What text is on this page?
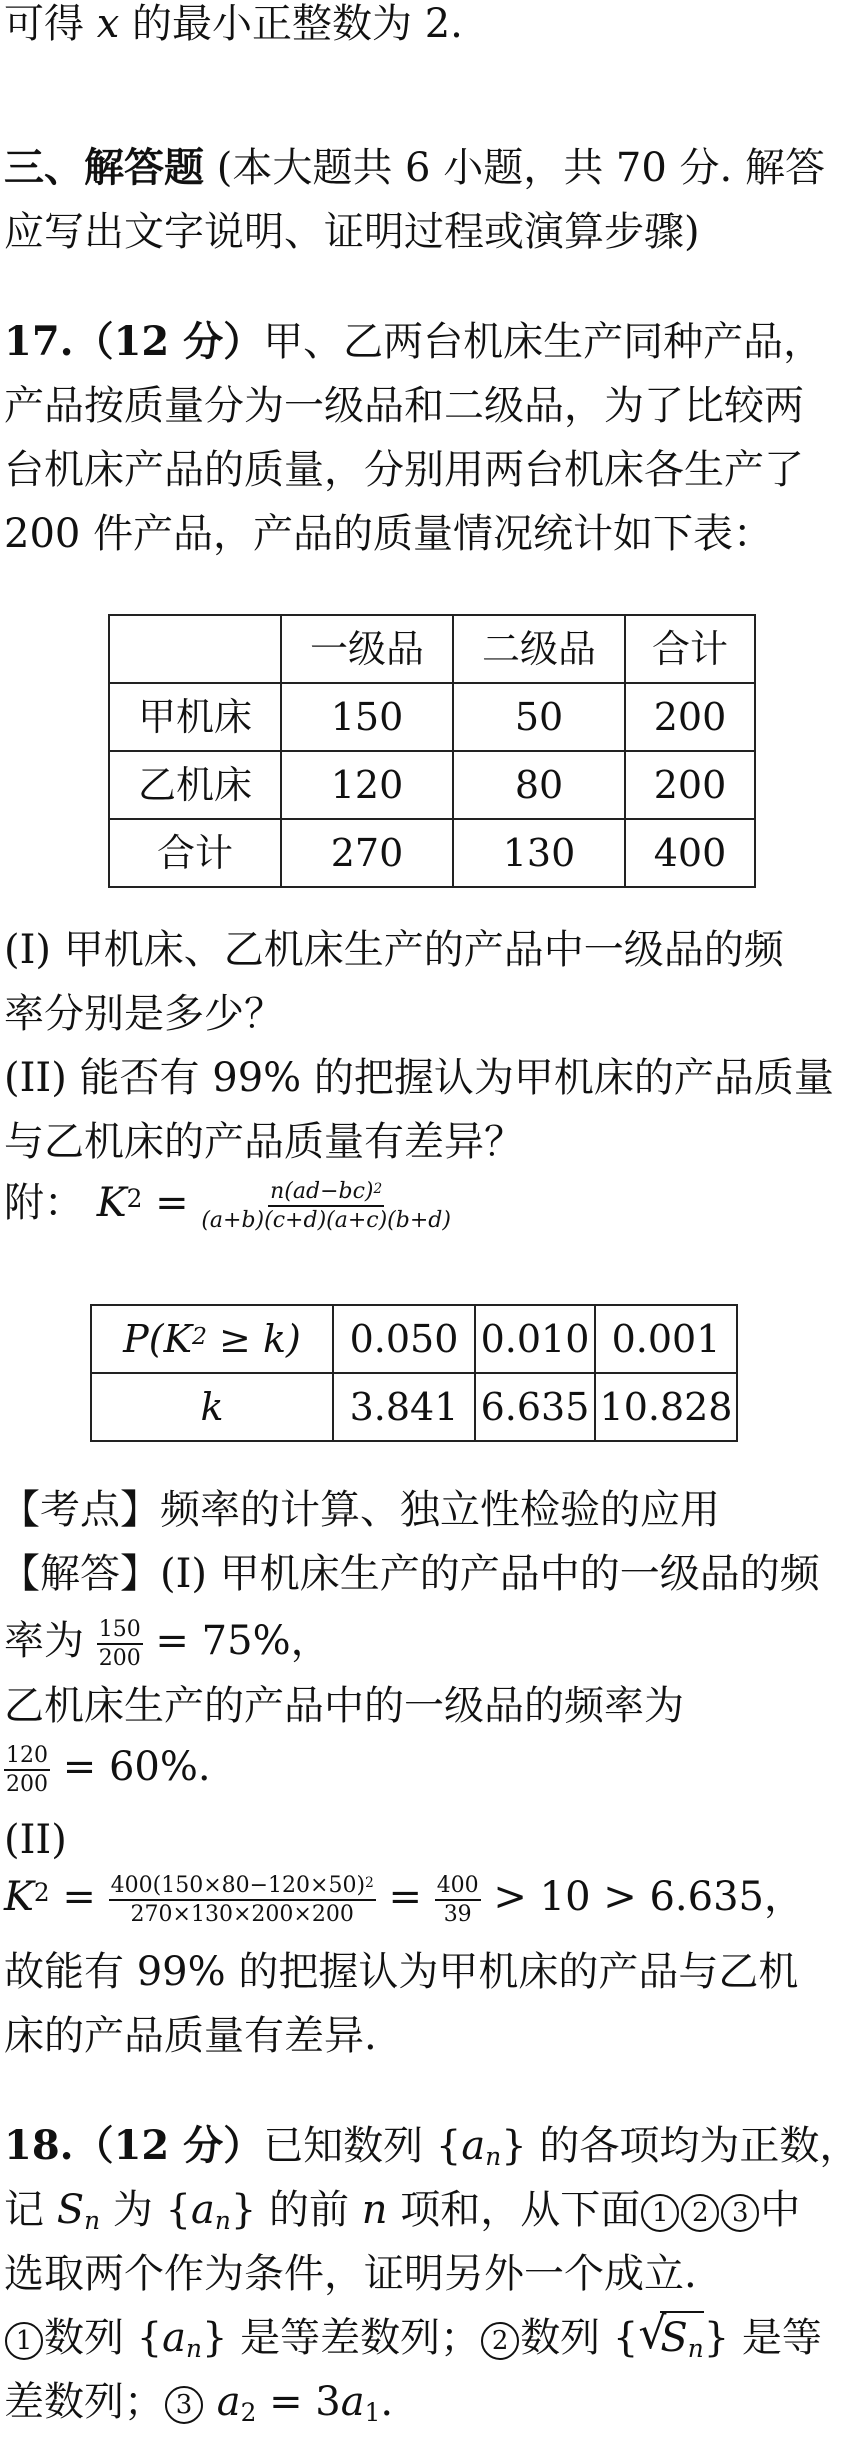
可得 x 的最小正整数为 2.
三、解答题 (本大题共 6 小题，共 70 分. 解答
应写出文字说明、证明过程或演算步骤)
17.（12 分）甲、乙两台机床生产同种产品，
产品按质量分为一级品和二级品，为了比较两
台机床产品的质量，分别用两台机床各生产了
200 件产品，产品的质量情况统计如下表：
	一级品	二级品	合计
甲机床	150	50	200
乙机床	120	80	200
合计	270	130	400
(I) 甲机床、乙机床生产的产品中一级品的频
率分别是多少？
(II) 能否有 99% 的把握认为甲机床的产品质量
与乙机床的产品质量有差异？
附： $K^2 = \frac{n(ad-bc)^2}{(a+b)(c+d)(a+c)(b+d)}$
$P(K^2 \ge k)$	0.050	0.010	0.001
k	3.841	6.635	10.828
【考点】频率的计算、独立性检验的应用
【解答】(I) 甲机床生产的产品中的一级品的频
率为 $\frac{150}{200} = 75\%$，
乙机床生产的产品中的一级品的频率为
$\frac{120}{200} = 60\%$.
(II)
$K^2 = \frac{400(150\times 80-120\times 50)^2}{270\times 130\times 200\times 200} = \frac{400}{39} > 10 > 6.635$，
故能有 99% 的把握认为甲机床的产品与乙机
床的产品质量有差异.
18.（12 分）已知数列 $\{a_n\}$ 的各项均为正数，
记 $S_n$ 为 $\{a_n\}$ 的前 n 项和，从下面 1 2 3 中
选取两个作为条件，证明另外一个成立.
1 数列 $\{a_n\}$ 是等差数列； 2 数列 { √
$S_n$} 是等
差数列； 3 $a_2 = 3a_1$.
